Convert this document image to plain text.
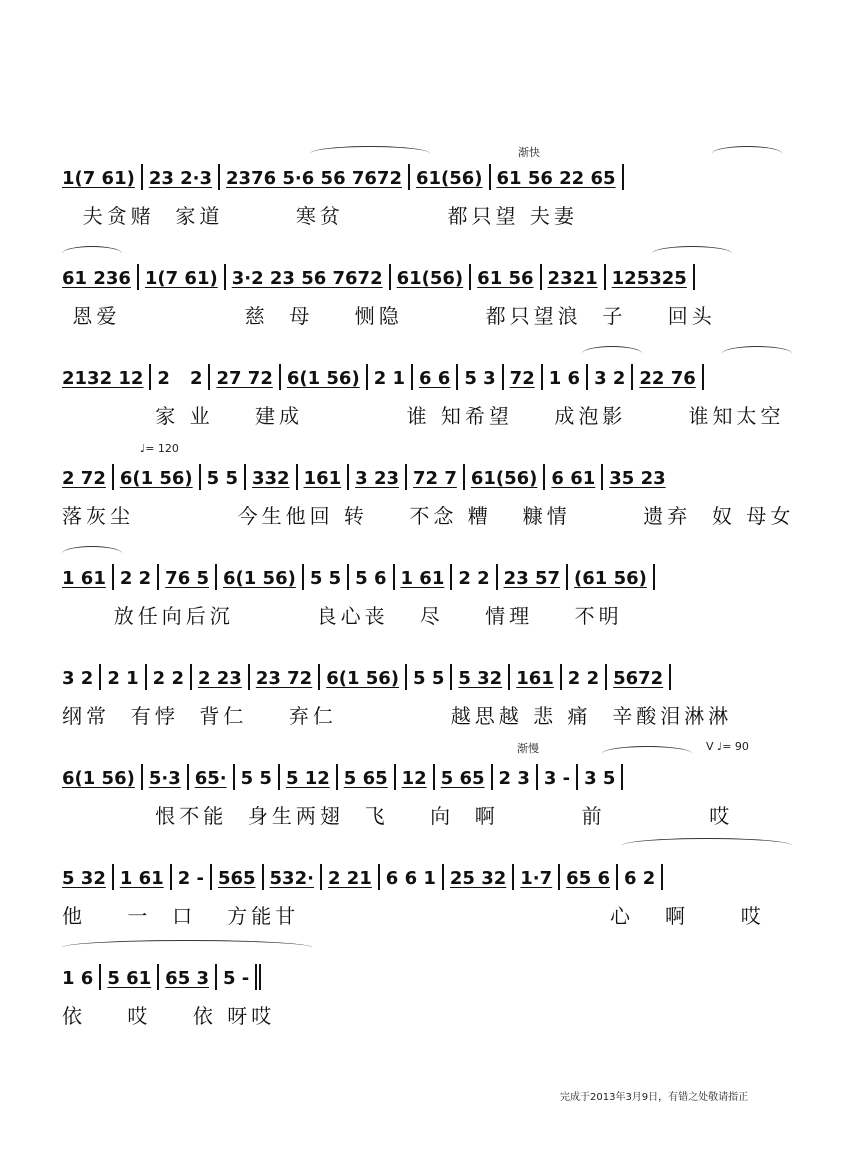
渐快
1(7 61) 23 2·3 2376 5·6 56 7672 61(56) 61 56 22 65
夫贪赌  家道       寒贫          都只望 夫妻
61 236 1(7 61) 3·2 23 56 7672 61(56) 61 56 2321 125325
恩爱            慈  母    恻隐        都只望浪  子    回头
2132 12 2 2 27 72 6(1 56) 2 1 6 6 5 3 72 1 6 3 2 22 76
家 业    建成          谁 知希望    成泡影      谁知太空
♩= 120
2 72 6(1 56) 5 5 332 161 3 23 72 7 61(56) 6 61 35 23
落灰尘          今生他回 转    不念 糟   糠情       遗弃  奴 母女
1 61 2 2 76 5 6(1 56) 5 5 5 6 1 61 2 2 23 57 (61 56)
放任向后沉        良心丧   尽    情理    不明
3 2 2 1 2 2 2 23 23 72 6(1 56) 5 5 5 32 161 2 2 5672
纲常  有悖  背仁    弃仁           越思越 悲 痛  辛酸泪淋淋
渐慢	V ♩= 90
6(1 56) 5·3 65· 5 5 5 12 5 65 12 5 65 2 3 3 - 3 5
恨不能  身生两翅  飞    向  啊        前          哎
5 32 1 61 2 - 565 532· 2 21 6 6 1 25 32 1·7 65 6 6 2
他    一  口   方能甘                              心   啊     哎
1 6 5 61 65 3 5 -
依    哎    依 呀哎
完成于2013年3月9日，有错之处敬请指正
